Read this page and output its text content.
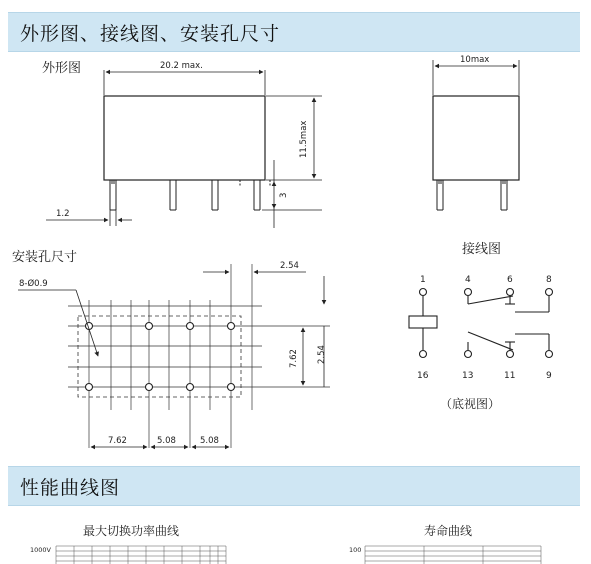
外形图、接线图、安装孔尺寸
外形图	20.2 max.
11.5max
3
1.2
10max
8-Ø0.9
2.54
7.62 2.54
7.62	5.08	5.08
1	4	6	8
16	13	11	9
1000V	100
安装孔尺寸
接线图
（底视图）
性能曲线图
最大切换功率曲线	寿命曲线
